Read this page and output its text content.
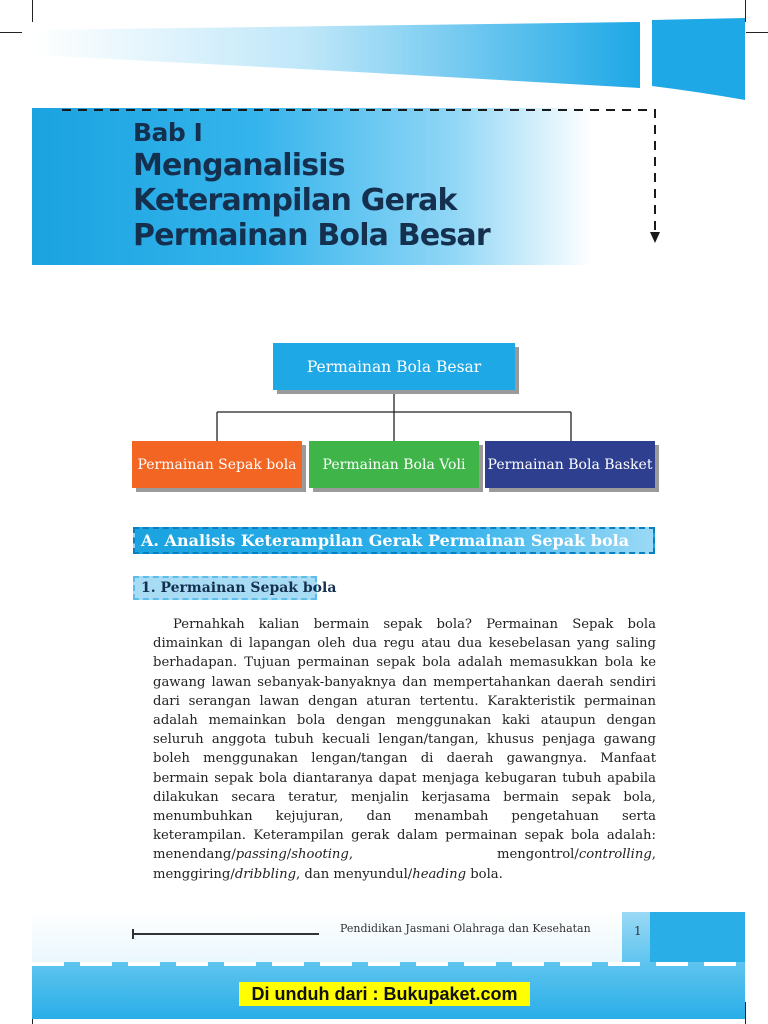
Bab I
Menganalisis
Keterampilan Gerak
Permainan Bola Besar
Permainan Bola Besar
Permainan Sepak bola	Permainan Bola Voli	Permainan Bola Basket
A. Analisis Keterampilan Gerak Permainan Sepak bola
1. Permainan Sepak bola

Pernahkah kalian bermain sepak bola? Permainan Sepak bola dimainkan di lapangan oleh dua regu atau dua kesebelasan yang saling berhadapan. Tujuan permainan sepak bola adalah memasukkan bola ke gawang lawan sebanyak-banyaknya dan mempertahankan daerah sendiri dari serangan lawan dengan aturan tertentu. Karakteristik permainan adalah memainkan bola dengan menggunakan kaki ataupun dengan seluruh anggota tubuh kecuali lengan/tangan, khusus penjaga gawang boleh menggunakan lengan/tangan di daerah gawangnya. Manfaat bermain sepak bola diantaranya dapat menjaga kebugaran tubuh apabila dilakukan secara teratur, menjalin kerjasama bermain sepak bola, menumbuhkan kejujuran, dan menambah pengetahuan serta keterampilan. Keterampilan gerak dalam permainan sepak bola adalah: menendang/passing/shooting, mengontrol/controlling, menggiring/dribbling, dan menyundul/heading bola.

Pendidikan Jasmani Olahraga dan Kesehatan	1
Di unduh dari : Bukupaket.com
